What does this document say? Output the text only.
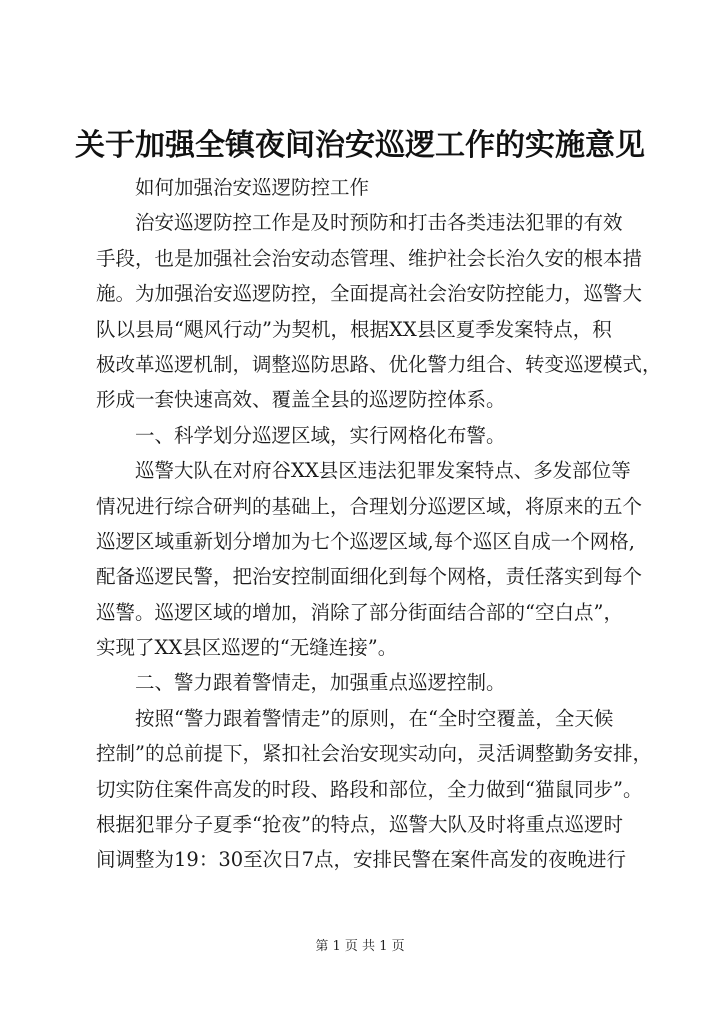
关于加强全镇夜间治安巡逻工作的实施意见
如何加强治安巡逻防控工作
治安巡逻防控工作是及时预防和打击各类违法犯罪的有效
手段，也是加强社会治安动态管理、维护社会长治久安的根本措
施。为加强治安巡逻防控，全面提高社会治安防控能力，巡警大
队以县局“飓风行动”为契机，根据XX县区夏季发案特点，积
极改革巡逻机制，调整巡防思路、优化警力组合、转变巡逻模式，
形成一套快速高效、覆盖全县的巡逻防控体系。
一、科学划分巡逻区域，实行网格化布警。
巡警大队在对府谷XX县区违法犯罪发案特点、多发部位等
情况进行综合研判的基础上，合理划分巡逻区域，将原来的五个
巡逻区域重新划分增加为七个巡逻区域,每个巡区自成一个网格,
配备巡逻民警，把治安控制面细化到每个网格，责任落实到每个
巡警。巡逻区域的增加，消除了部分街面结合部的“空白点”，
实现了XX县区巡逻的“无缝连接”。
二、警力跟着警情走，加强重点巡逻控制。
按照“警力跟着警情走”的原则，在“全时空覆盖，全天候
控制”的总前提下，紧扣社会治安现实动向，灵活调整勤务安排，
切实防住案件高发的时段、路段和部位，全力做到“猫鼠同步”。
根据犯罪分子夏季“抢夜”的特点，巡警大队及时将重点巡逻时
间调整为19：30至次日7点，安排民警在案件高发的夜晚进行
第 1 页 共 1 页
